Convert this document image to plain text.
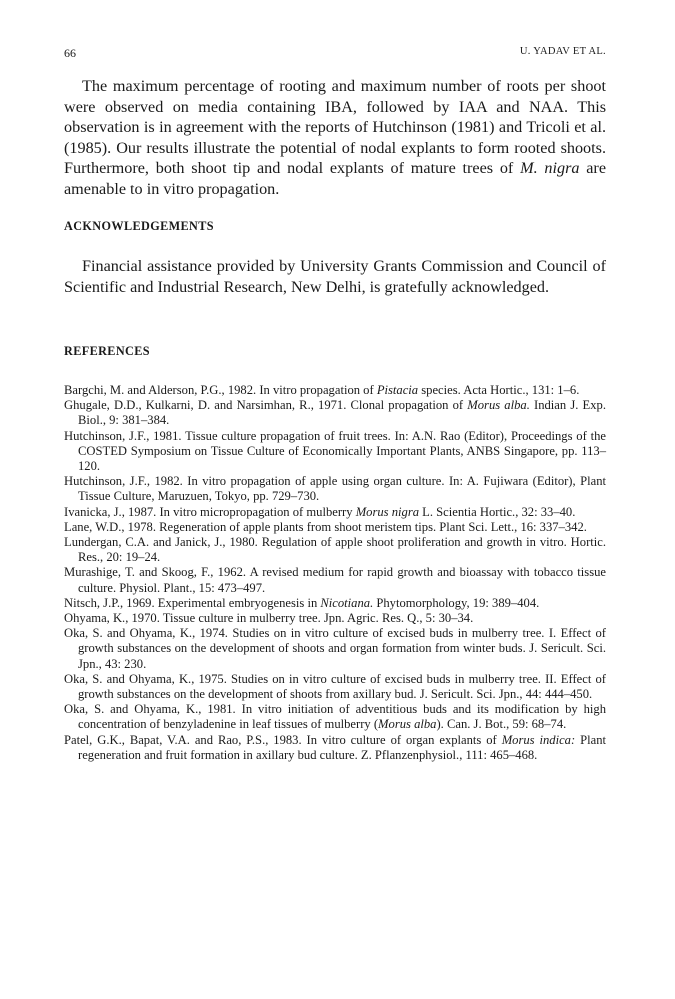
66	U. YADAV ET AL.

The maximum percentage of rooting and maximum number of roots per shoot were observed on media containing IBA, followed by IAA and NAA. This observation is in agreement with the reports of Hutchinson (1981) and Tricoli et al. (1985). Our results illustrate the potential of nodal explants to form rooted shoots. Furthermore, both shoot tip and nodal explants of mature trees of M. nigra are amenable to in vitro propagation.

ACKNOWLEDGEMENTS

Financial assistance provided by University Grants Commission and Council of Scientific and Industrial Research, New Delhi, is gratefully acknowledged.

REFERENCES
Bargchi, M. and Alderson, P.G., 1982. In vitro propagation of Pistacia species. Acta Hortic., 131: 1–6.
Ghugale, D.D., Kulkarni, D. and Narsimhan, R., 1971. Clonal propagation of Morus alba. Indian J. Exp. Biol., 9: 381–384.
Hutchinson, J.F., 1981. Tissue culture propagation of fruit trees. In: A.N. Rao (Editor), Proceedings of the COSTED Symposium on Tissue Culture of Economically Important Plants, ANBS Singapore, pp. 113–120.
Hutchinson, J.F., 1982. In vitro propagation of apple using organ culture. In: A. Fujiwara (Editor), Plant Tissue Culture, Maruzuen, Tokyo, pp. 729–730.
Ivanicka, J., 1987. In vitro micropropagation of mulberry Morus nigra L. Scientia Hortic., 32: 33–40.
Lane, W.D., 1978. Regeneration of apple plants from shoot meristem tips. Plant Sci. Lett., 16: 337–342.
Lundergan, C.A. and Janick, J., 1980. Regulation of apple shoot proliferation and growth in vitro. Hortic. Res., 20: 19–24.
Murashige, T. and Skoog, F., 1962. A revised medium for rapid growth and bioassay with tobacco tissue culture. Physiol. Plant., 15: 473–497.
Nitsch, J.P., 1969. Experimental embryogenesis in Nicotiana. Phytomorphology, 19: 389–404.
Ohyama, K., 1970. Tissue culture in mulberry tree. Jpn. Agric. Res. Q., 5: 30–34.
Oka, S. and Ohyama, K., 1974. Studies on in vitro culture of excised buds in mulberry tree. I. Effect of growth substances on the development of shoots and organ formation from winter buds. J. Sericult. Sci. Jpn., 43: 230.
Oka, S. and Ohyama, K., 1975. Studies on in vitro culture of excised buds in mulberry tree. II. Effect of growth substances on the development of shoots from axillary bud. J. Sericult. Sci. Jpn., 44: 444–450.
Oka, S. and Ohyama, K., 1981. In vitro initiation of adventitious buds and its modification by high concentration of benzyladenine in leaf tissues of mulberry (Morus alba). Can. J. Bot., 59: 68–74.
Patel, G.K., Bapat, V.A. and Rao, P.S., 1983. In vitro culture of organ explants of Morus indica: Plant regeneration and fruit formation in axillary bud culture. Z. Pflanzenphysiol., 111: 465–468.
